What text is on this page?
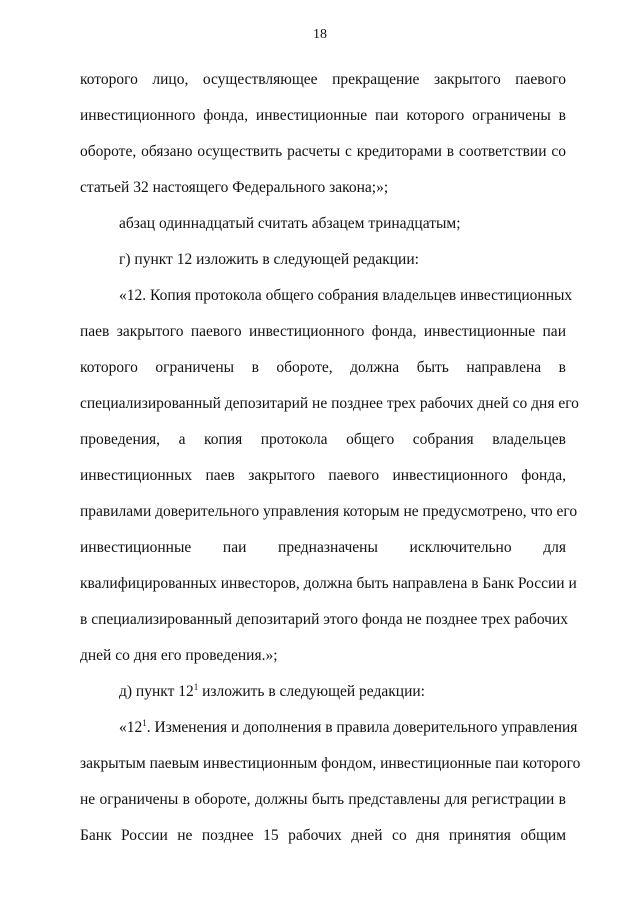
18
которого лицо, осуществляющее прекращение закрытого паевого
инвестиционного фонда, инвестиционные паи которого ограничены в
обороте, обязано осуществить расчеты с кредиторами в соответствии со
статьей 32 настоящего Федерального закона;»;
абзац одиннадцатый считать абзацем тринадцатым;
г) пункт 12 изложить в следующей редакции:
«12. Копия протокола общего собрания владельцев инвестиционных
паев закрытого паевого инвестиционного фонда, инвестиционные паи
которого ограничены в обороте, должна быть направлена в
специализированный депозитарий не позднее трех рабочих дней со дня его
проведения, а копия протокола общего собрания владельцев
инвестиционных паев закрытого паевого инвестиционного фонда,
правилами доверительного управления которым не предусмотрено, что его
инвестиционные паи предназначены исключительно для
квалифицированных инвесторов, должна быть направлена в Банк России и
в специализированный депозитарий этого фонда не позднее трех рабочих
дней со дня его проведения.»;
д) пункт $12^1$ изложить в следующей редакции:
«$12^1$. Изменения и дополнения в правила доверительного управления
закрытым паевым инвестиционным фондом, инвестиционные паи которого
не ограничены в обороте, должны быть представлены для регистрации в
Банк России не позднее 15 рабочих дней со дня принятия общим
